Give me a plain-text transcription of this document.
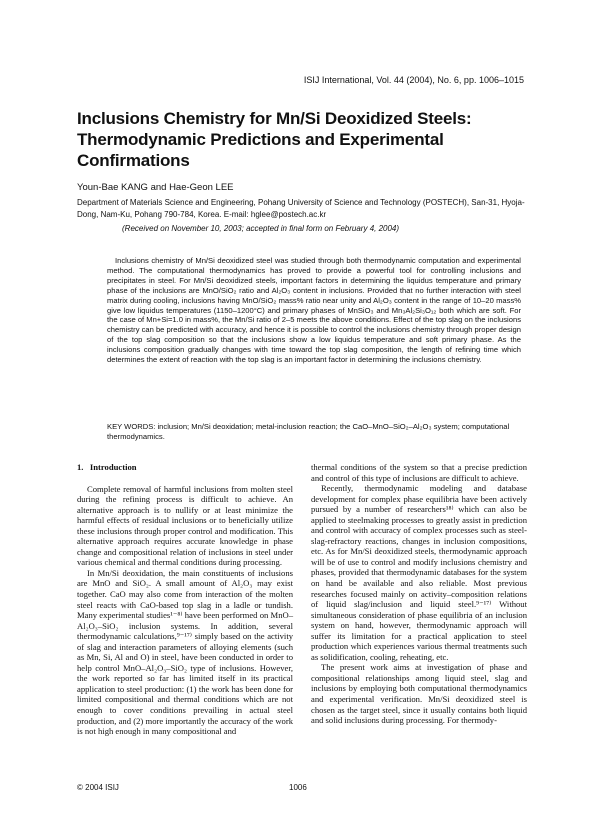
ISIJ International, Vol. 44 (2004), No. 6, pp. 1006–1015
Inclusions Chemistry for Mn/Si Deoxidized Steels: Thermodynamic Predictions and Experimental Confirmations
Youn-Bae KANG and Hae-Geon LEE
Department of Materials Science and Engineering, Pohang University of Science and Technology (POSTECH), San-31, Hyoja-Dong, Nam-Ku, Pohang 790-784, Korea. E-mail: hglee@postech.ac.kr
(Received on November 10, 2003; accepted in final form on February 4, 2004)

Inclusions chemistry of Mn/Si deoxidized steel was studied through both thermodynamic computation and experimental method. The computational thermodynamics has proved to provide a powerful tool for controlling inclusions and precipitates in steel. For Mn/Si deoxidized steels, important factors in determining the liquidus temperature and primary phase of the inclusions are MnO/SiO₂ ratio and Al₂O₃ content in inclusions. Provided that no further interaction with steel matrix during cooling, inclusions having MnO/SiO₂ mass% ratio near unity and Al₂O₃ content in the range of 10–20 mass% give low liquidus temperatures (1150–1200°C) and primary phases of MnSiO₃ and Mn₃Al₂Si₃O₁₂ both which are soft. For the case of Mn+Si=1.0 in mass%, the Mn/Si ratio of 2–5 meets the above conditions. Effect of the top slag on the inclusions chemistry can be predicted with accuracy, and hence it is possible to control the inclusions chemistry through proper design of the top slag composition so that the inclusions show a low liquidus temperature and soft primary phase. As the inclusions composition gradually changes with time toward the top slag composition, the length of refining time which determines the extent of reaction with the top slag is an important factor in determining the inclusions chemistry.

KEY WORDS: inclusion; Mn/Si deoxidation; metal-inclusion reaction; the CaO–MnO–SiO₂–Al₂O₃ system; computational thermodynamics.

1. Introduction

Complete removal of harmful inclusions from molten steel during the refining process is difficult to achieve. An alternative approach is to nullify or at least minimize the harmful effects of residual inclusions or to beneficially utilize these inclusions through proper control and modification. This alternative approach requires accurate knowledge in phase change and compositional relation of inclusions in steel under various chemical and thermal conditions during processing.

In Mn/Si deoxidation, the main constituents of inclusions are MnO and SiO₂. A small amount of Al₂O₃ may exist together. CaO may also come from interaction of the molten steel reacts with CaO-based top slag in a ladle or tundish. Many experimental studies¹⁻⁸⁾ have been performed on MnO–Al₂O₃–SiO₂ inclusion systems. In addition, several thermodynamic calculations,⁹⁻¹⁷⁾ simply based on the activity of slag and interaction parameters of alloying elements (such as Mn, Si, Al and O) in steel, have been conducted in order to help control MnO–Al₂O₃–SiO₂ type of inclusions. However, the work reported so far has limited itself in its practical application to steel production: (1) the work has been done for limited compositional and thermal conditions which are not enough to cover conditions prevailing in actual steel production, and (2) more importantly the accuracy of the work is not high enough in many compositional and

thermal conditions of the system so that a precise prediction and control of this type of inclusions are difficult to achieve.

Recently, thermodynamic modeling and database development for complex phase equilibria have been actively pursued by a number of researchers¹⁸⁾ which can also be applied to steelmaking processes to greatly assist in prediction and control with accuracy of complex processes such as steel-slag-refractory reactions, changes in inclusion compositions, etc. As for Mn/Si deoxidized steels, thermodynamic approach will be of use to control and modify inclusions chemistry and phases, provided that thermodynamic databases for the system on hand be available and also reliable. Most previous researches focused mainly on activity–composition relations of liquid slag/inclusion and liquid steel.⁹⁻¹⁷⁾ Without simultaneous consideration of phase equilibria of an inclusion system on hand, however, thermodynamic approach will suffer its limitation for a practical application to steel production which experiences various thermal treatments such as solidification, cooling, reheating, etc.

The present work aims at investigation of phase and compositional relationships among liquid steel, slag and inclusions by employing both computational thermodynamics and experimental verification. Mn/Si deoxidized steel is chosen as the target steel, since it usually contains both liquid and solid inclusions during processing. For thermody-

© 2004 ISIJ	1006
